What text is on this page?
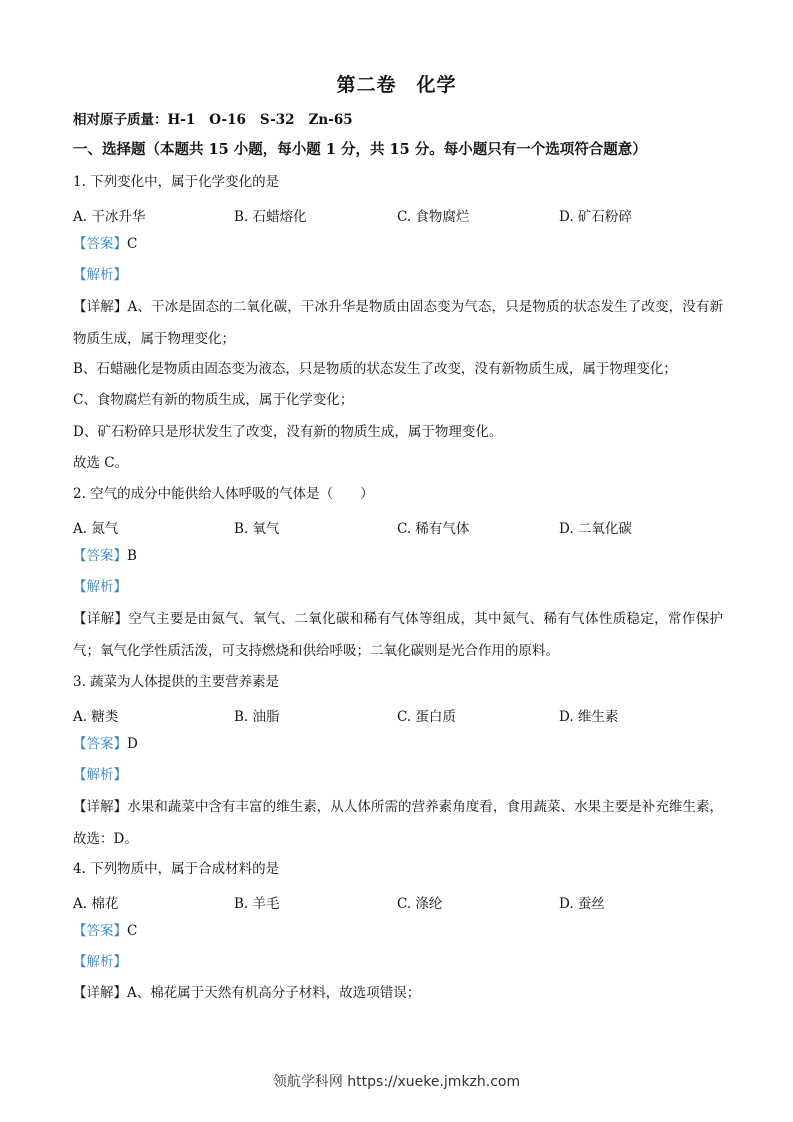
第二卷　化学
相对原子质量：H-1 O-16 S-32 Zn-65
一、选择题（本题共 15 小题，每小题 1 分，共 15 分。每小题只有一个选项符合题意）
1. 下列变化中，属于化学变化的是
A. 干冰升华	B. 石蜡熔化	C. 食物腐烂	D. 矿石粉碎
【答案】C
【解析】
【详解】A、干冰是固态的二氧化碳，干冰升华是物质由固态变为气态，只是物质的状态发生了改变，没有新物质生成，属于物理变化；
B、石蜡融化是物质由固态变为液态，只是物质的状态发生了改变，没有新物质生成，属于物理变化；
C、食物腐烂有新的物质生成，属于化学变化；
D、矿石粉碎只是形状发生了改变，没有新的物质生成，属于物理变化。
故选 C。
2. 空气的成分中能供给人体呼吸的气体是（　　）
A. 氮气	B. 氧气	C. 稀有气体	D. 二氧化碳
【答案】B
【解析】
【详解】空气主要是由氮气、氧气、二氧化碳和稀有气体等组成，其中氮气、稀有气体性质稳定，常作保护气；氧气化学性质活泼，可支持燃烧和供给呼吸；二氧化碳则是光合作用的原料。
3. 蔬菜为人体提供的主要营养素是
A. 糖类	B. 油脂	C. 蛋白质	D. 维生素
【答案】D
【解析】
【详解】水果和蔬菜中含有丰富的维生素，从人体所需的营养素角度看，食用蔬菜、水果主要是补充维生素，故选：D。
4. 下列物质中，属于合成材料的是
A. 棉花	B. 羊毛	C. 涤纶	D. 蚕丝
【答案】C
【解析】
【详解】A、棉花属于天然有机高分子材料，故选项错误；
领航学科网 https://xueke.jmkzh.com
